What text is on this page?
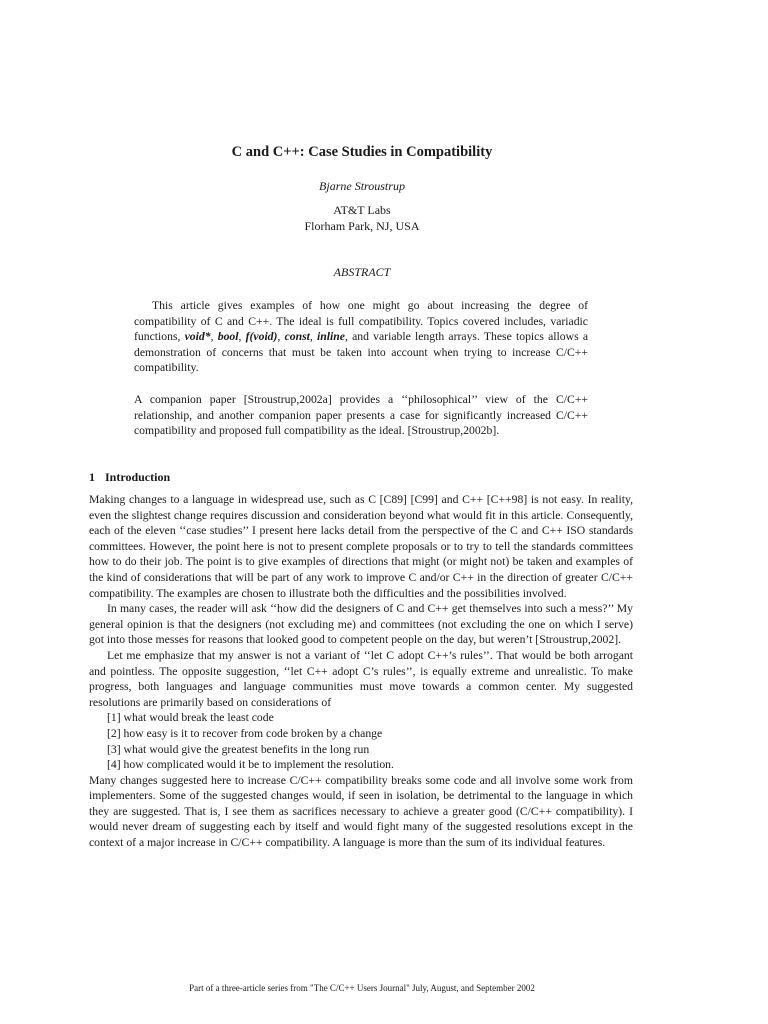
C and C++: Case Studies in Compatibility
Bjarne Stroustrup
AT&T Labs
Florham Park, NJ, USA
ABSTRACT

This article gives examples of how one might go about increasing the degree of compatibility of C and C++. The ideal is full compatibility. Topics covered includes, variadic functions, void*, bool, f(void), const, inline, and variable length arrays. These topics allows a demonstration of concerns that must be taken into account when trying to increase C/C++ compatibility.

A companion paper [Stroustrup,2002a] provides a ‘‘philosophical’’ view of the C/C++ relationship, and another companion paper presents a case for significantly increased C/C++ compatibility and proposed full compatibility as the ideal. [Stroustrup,2002b].

1 Introduction

Making changes to a language in widespread use, such as C [C89] [C99] and C++ [C++98] is not easy. In reality, even the slightest change requires discussion and consideration beyond what would fit in this article. Consequently, each of the eleven ‘‘case studies’’ I present here lacks detail from the perspective of the C and C++ ISO standards committees. However, the point here is not to present complete proposals or to try to tell the standards committees how to do their job. The point is to give examples of directions that might (or might not) be taken and examples of the kind of considerations that will be part of any work to improve C and/or C++ in the direction of greater C/C++ compatibility. The examples are chosen to illustrate both the difficulties and the possibilities involved.

In many cases, the reader will ask ‘‘how did the designers of C and C++ get themselves into such a mess?’’ My general opinion is that the designers (not excluding me) and committees (not excluding the one on which I serve) got into those messes for reasons that looked good to competent people on the day, but weren’t [Stroustrup,2002].

Let me emphasize that my answer is not a variant of ‘‘let C adopt C++’s rules’’. That would be both arrogant and pointless. The opposite suggestion, ‘‘let C++ adopt C’s rules’’, is equally extreme and unrealistic. To make progress, both languages and language communities must move towards a common center. My suggested resolutions are primarily based on considerations of

[1] what would break the least code
[2] how easy is it to recover from code broken by a change
[3] what would give the greatest benefits in the long run
[4] how complicated would it be to implement the resolution.

Many changes suggested here to increase C/C++ compatibility breaks some code and all involve some work from implementers. Some of the suggested changes would, if seen in isolation, be detrimental to the language in which they are suggested. That is, I see them as sacrifices necessary to achieve a greater good (C/C++ compatibility). I would never dream of suggesting each by itself and would fight many of the suggested resolutions except in the context of a major increase in C/C++ compatibility. A language is more than the sum of its individual features.

Part of a three-article series from "The C/C++ Users Journal" July, August, and September 2002
